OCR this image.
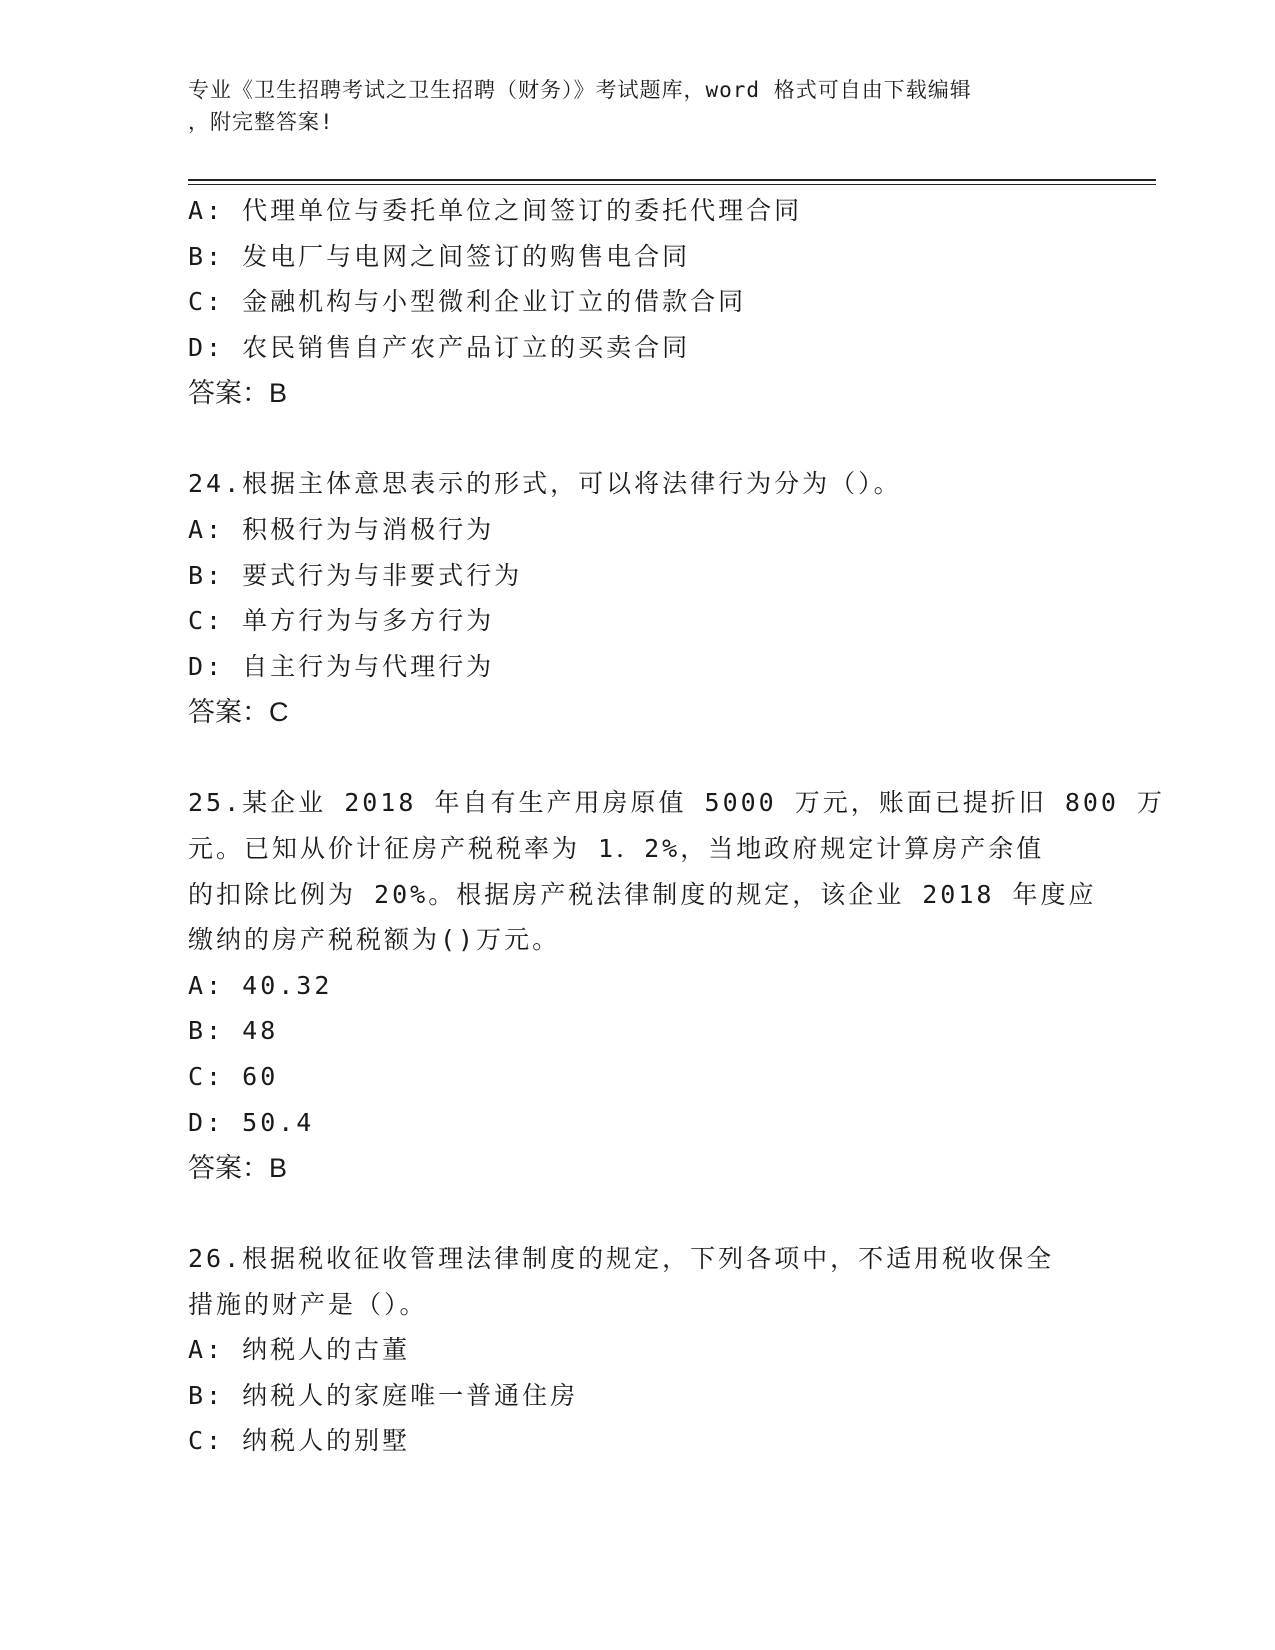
专业《卫生招聘考试之卫生招聘（财务）》考试题库，word 格式可自由下载编辑
，附完整答案!
A: 代理单位与委托单位之间签订的委托代理合同
B: 发电厂与电网之间签订的购售电合同
C: 金融机构与小型微利企业订立的借款合同
D: 农民销售自产农产品订立的买卖合同
答案：B
24.根据主体意思表示的形式，可以将法律行为分为（）。
A: 积极行为与消极行为
B: 要式行为与非要式行为
C: 单方行为与多方行为
D: 自主行为与代理行为
答案：C
25.某企业 2018 年自有生产用房原值 5000 万元，账面已提折旧 800 万
元。已知从价计征房产税税率为 1．2%，当地政府规定计算房产余值
的扣除比例为 20%。根据房产税法律制度的规定，该企业 2018 年度应
缴纳的房产税税额为()万元。
A: 40.32
B: 48
C: 60
D: 50.4
答案：B
26.根据税收征收管理法律制度的规定，下列各项中，不适用税收保全
措施的财产是（）。
A: 纳税人的古董
B: 纳税人的家庭唯一普通住房
C: 纳税人的别墅
